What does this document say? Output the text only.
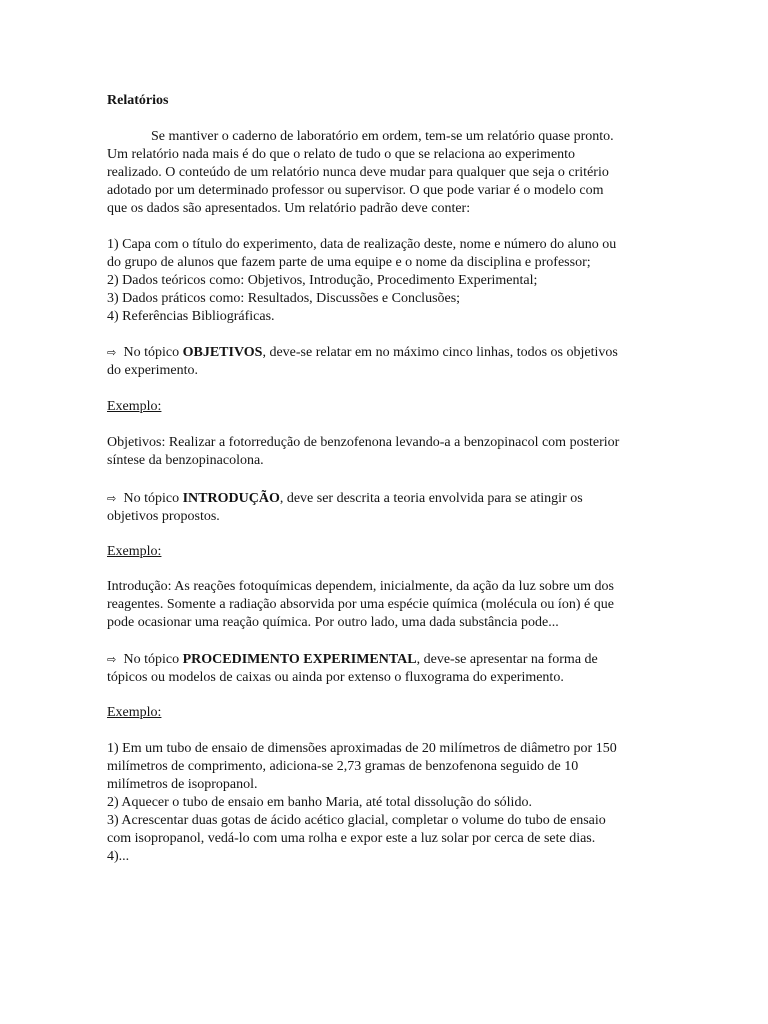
Relatórios
Se mantiver o caderno de laboratório em ordem, tem-se um relatório quase pronto.
Um relatório nada mais é do que o relato de tudo o que se relaciona ao experimento
realizado. O conteúdo de um relatório nunca deve mudar para qualquer que seja o critério
adotado por um determinado professor ou supervisor. O que pode variar é o modelo com
que os dados são apresentados. Um relatório padrão deve conter:
1) Capa com o título do experimento, data de realização deste, nome e número do aluno ou
do grupo de alunos que fazem parte de uma equipe e o nome da disciplina e professor;
2) Dados teóricos como: Objetivos, Introdução, Procedimento Experimental;
3) Dados práticos como: Resultados, Discussões e Conclusões;
4) Referências Bibliográficas.
⇨ No tópico OBJETIVOS, deve-se relatar em no máximo cinco linhas, todos os objetivos
do experimento.
Exemplo:
Objetivos: Realizar a fotorredução de benzofenona levando-a a benzopinacol com posterior
síntese da benzopinacolona.
⇨ No tópico INTRODUÇÃO, deve ser descrita a teoria envolvida para se atingir os
objetivos propostos.
Exemplo:
Introdução: As reações fotoquímicas dependem, inicialmente, da ação da luz sobre um dos
reagentes. Somente a radiação absorvida por uma espécie química (molécula ou íon) é que
pode ocasionar uma reação química. Por outro lado, uma dada substância pode...
⇨ No tópico PROCEDIMENTO EXPERIMENTAL, deve-se apresentar na forma de
tópicos ou modelos de caixas ou ainda por extenso o fluxograma do experimento.
Exemplo:
1) Em um tubo de ensaio de dimensões aproximadas de 20 milímetros de diâmetro por 150
milímetros de comprimento, adiciona-se 2,73 gramas de benzofenona seguido de 10
milímetros de isopropanol.
2) Aquecer o tubo de ensaio em banho Maria, até total dissolução do sólido.
3) Acrescentar duas gotas de ácido acético glacial, completar o volume do tubo de ensaio
com isopropanol, vedá-lo com uma rolha e expor este a luz solar por cerca de sete dias.
4)...
